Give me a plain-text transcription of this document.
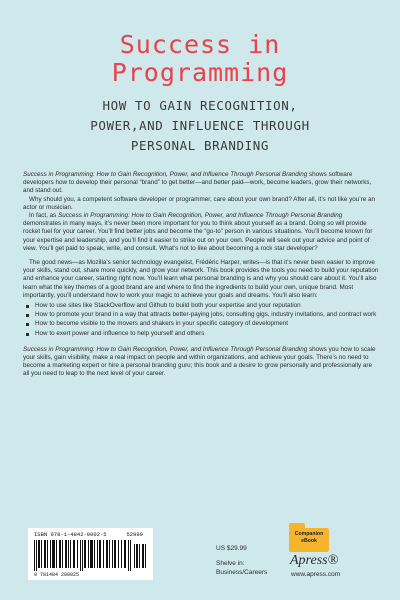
Success in
Programming
HOW TO GAIN RECOGNITION,
POWER,AND INFLUENCE THROUGH
PERSONAL BRANDING

Success in Programming: How to Gain Recognition, Power, and Influence Through Personal Branding shows software developers how to develop their personal “brand” to get better—and better paid—work, become leaders, grow their networks, and stand out.

Why should you, a competent software developer or programmer, care about your own brand? After all, it’s not like you’re an actor or musician.

In fact, as Success in Programming: How to Gain Recognition, Power, and Influence Through Personal Branding demonstrates in many ways, it’s never been more important for you to think about yourself as a brand. Doing so will provide rocket fuel for your career. You’ll find better jobs and become the “go-to” person in various situations. You’ll become known for your expertise and leadership, and you’ll find it easier to strike out on your own. People will seek out your advice and point of view. You’ll get paid to speak, write, and consult. What’s not to like about becoming a rock star developer?

The good news—as Mozilla’s senior technology evangelist, Frédéric Harper, writes—is that it’s never been easier to improve your skills, stand out, share more quickly, and grow your network. This book provides the tools you need to build your reputation and enhance your career, starting right now. You’ll learn what personal branding is and why you should care about it. You’ll also learn what the key themes of a good brand are and where to find the ingredients to build your own, unique brand. Most importantly, you’ll understand how to work your magic to achieve your goals and dreams. You’ll also learn:

How to use sites like StackOverflow and Github to build both your expertise and your reputation
How to promote your brand in a way that attracts better-paying jobs, consulting gigs, industry invitations, and contract work
How to become visible to the movers and shakers in your specific category of development
How to exert power and influence to help yourself and others

Success in Programming: How to Gain Recognition, Power, and Influence Through Personal Branding shows you how to scale your skills, gain visibility, make a real impact on people and within organizations, and achieve your goals. There’s no need to become a marketing expert or hire a personal branding guru; this book and a desire to grow personally and professionally are all you need to leap to the next level of your career.

ISBN 978-1-4842-0002-5	52999
9 781484 200025
US $29.99
Shelve in:
Business/Careers
Companion
eBook
Apress®
www.apress.com
